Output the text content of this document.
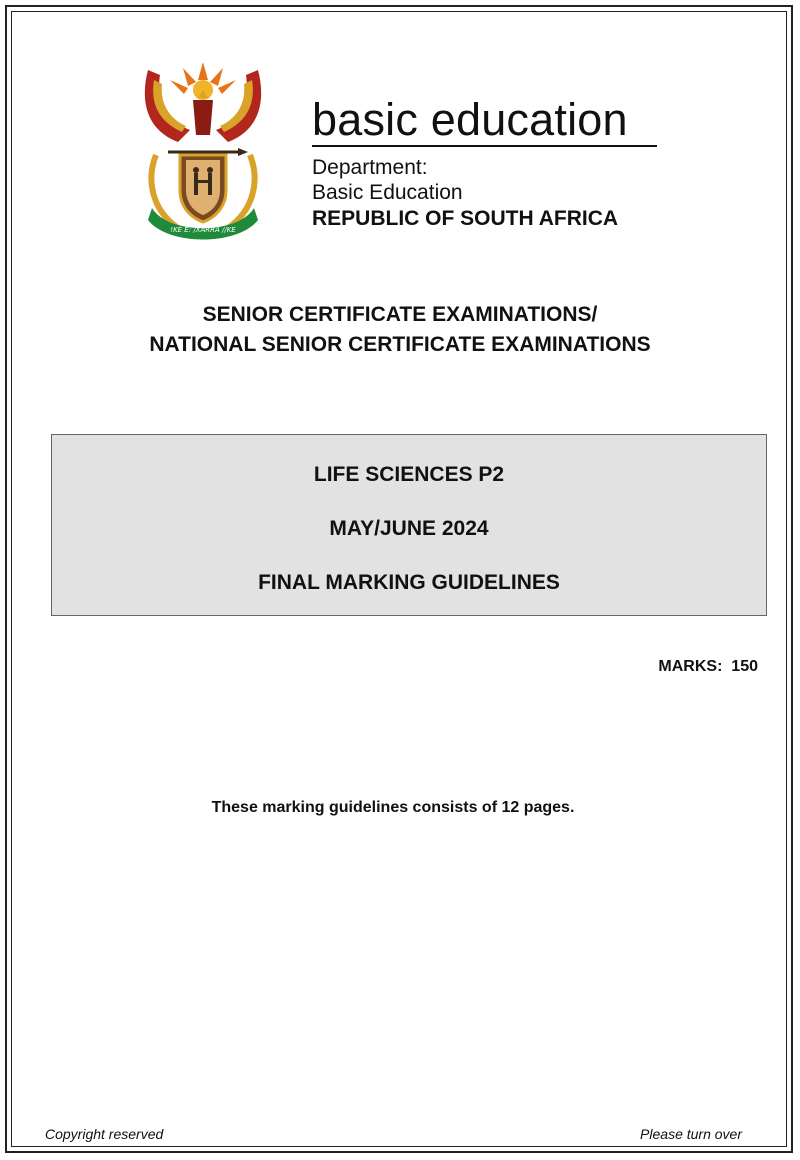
!KE E: /XARRA //KE
basic education
Department:
Basic Education
REPUBLIC OF SOUTH AFRICA
SENIOR CERTIFICATE EXAMINATIONS/
NATIONAL SENIOR CERTIFICATE EXAMINATIONS
LIFE SCIENCES P2
MAY/JUNE 2024
FINAL MARKING GUIDELINES
MARKS:  150
These marking guidelines consists of 12 pages.
Copyright reserved	Please turn over
